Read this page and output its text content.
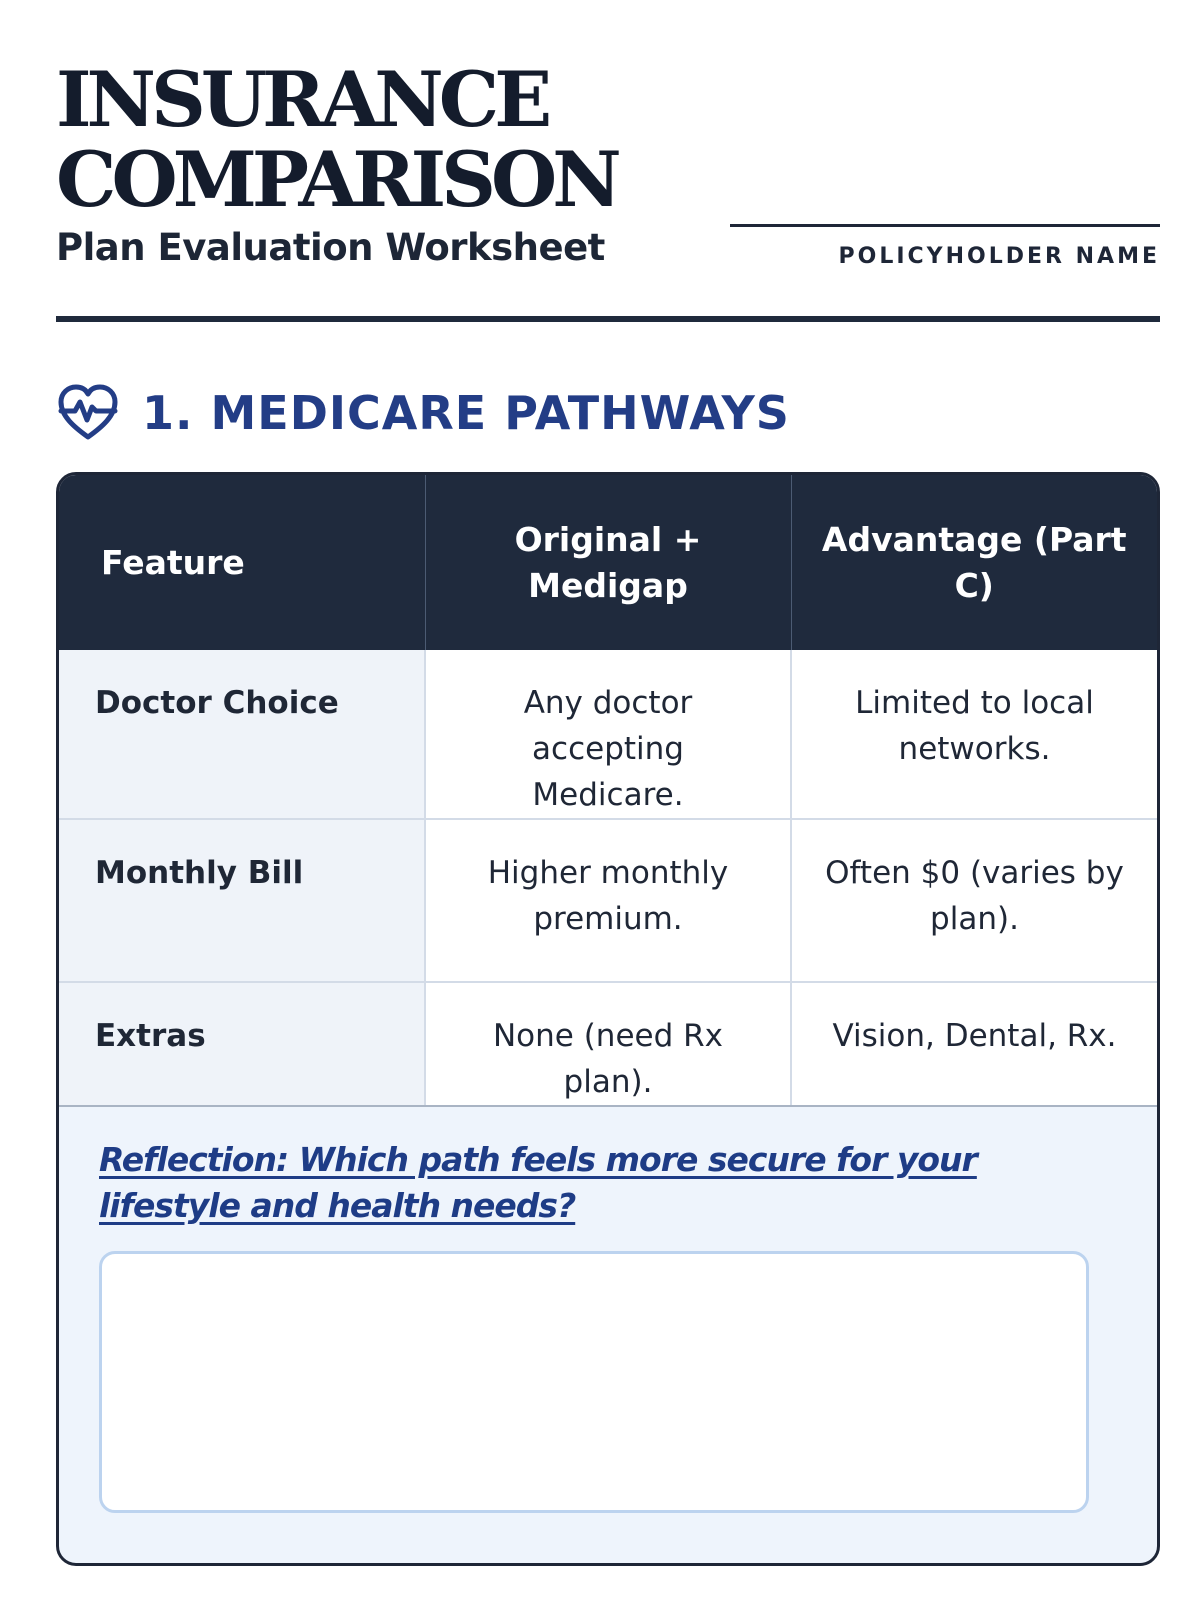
INSURANCE
COMPARISON
Plan Evaluation Worksheet	POLICYHOLDER NAME
1. MEDICARE PATHWAYS
Feature	Original + Medigap	Advantage (Part C)
Doctor Choice	Any doctor accepting Medicare.	Limited to local networks.
Monthly Bill	Higher monthly premium.	Often $0 (varies by plan).
Extras	None (need Rx plan).	Vision, Dental, Rx.
Reflection: Which path feels more secure for your lifestyle and health needs?
